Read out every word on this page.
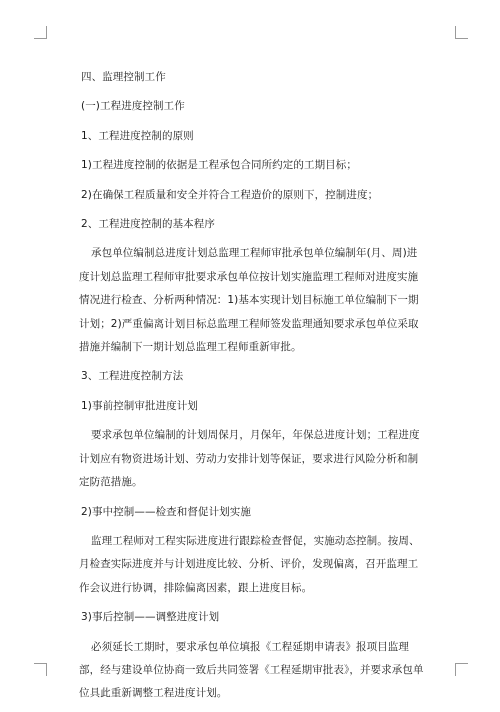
四、监理控制工作

(一)工程进度控制工作

1、工程进度控制的原则

1)工程进度控制的依据是工程承包合同所约定的工期目标；

2)在确保工程质量和安全并符合工程造价的原则下，控制进度；

2、工程进度控制的基本程序

承包单位编制总进度计划总监理工程师审批承包单位编制年(月、周)进度计划总监理工程师审批要求承包单位按计划实施监理工程师对进度实施情况进行检查、分析两种情况：1)基本实现计划目标施工单位编制下一期计划；2)严重偏离计划目标总监理工程师签发监理通知要求承包单位采取措施并编制下一期计划总监理工程师重新审批。

3、工程进度控制方法

1)事前控制审批进度计划

要求承包单位编制的计划周保月，月保年，年保总进度计划；工程进度计划应有物资进场计划、劳动力安排计划等保证，要求进行风险分析和制定防范措施。

2)事中控制——检查和督促计划实施

监理工程师对工程实际进度进行跟踪检查督促，实施动态控制。按周、月检查实际进度并与计划进度比较、分析、评价，发现偏离，召开监理工作会议进行协调，排除偏离因素，跟上进度目标。

3)事后控制——调整进度计划

必须延长工期时，要求承包单位填报《工程延期申请表》报项目监理部，经与建设单位协商一致后共同签署《工程延期审批表》，并要求承包单位具此重新调整工程进度计划。
